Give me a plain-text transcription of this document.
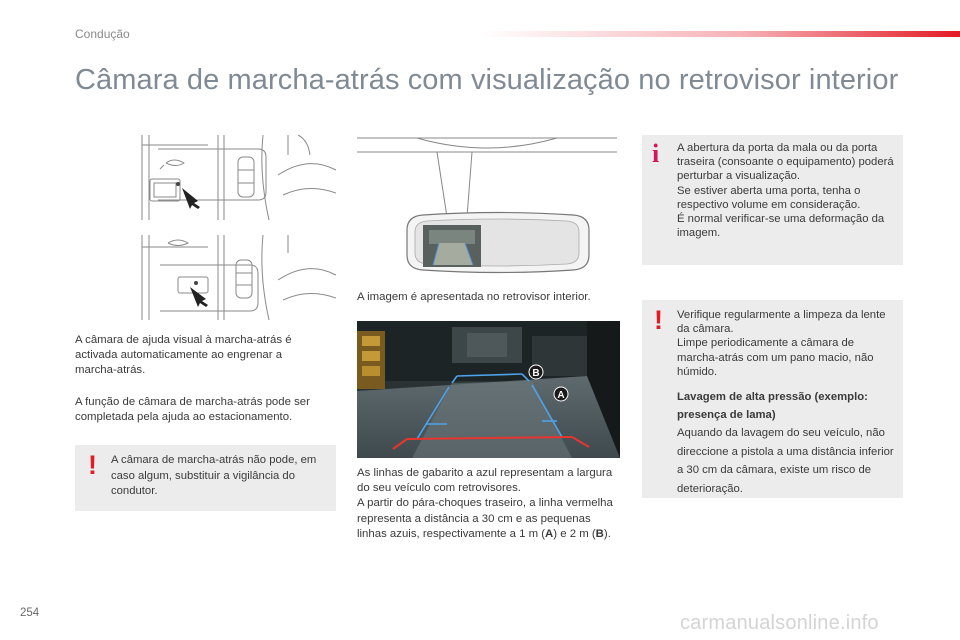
Condução
Câmara de marcha-atrás com visualização no retrovisor interior
A imagem é apresentada no retrovisor interior.
B
A

A câmara de ajuda visual à marcha-atrás é activada automaticamente ao engrenar a marcha-atrás.

A função de câmara de marcha-atrás pode ser completada pela ajuda ao estacionamento.

! A câmara de marcha-atrás não pode, em caso algum, substituir a vigilância do condutor.

As linhas de gabarito a azul representam a largura do seu veículo com retrovisores.

A partir do pára-choques traseiro, a linha vermelha representa a distância a 30 cm e as pequenas linhas azuis, respectivamente a 1 m (A) e 2 m (B).

i A abertura da porta da mala ou da porta traseira (consoante o equipamento) poderá perturbar a visualização.

Se estiver aberta uma porta, tenha o respectivo volume em consideração.

É normal verificar-se uma deformação da imagem.

! Verifique regularmente a limpeza da lente da câmara.

Limpe periodicamente a câmara de marcha-atrás com um pano macio, não húmido.

Lavagem de alta pressão (exemplo: presença de lama)

Aquando da lavagem do seu veículo, não direccione a pistola a uma distância inferior a 30 cm da câmara, existe um risco de deterioração.

254	carmanualsonline.info
